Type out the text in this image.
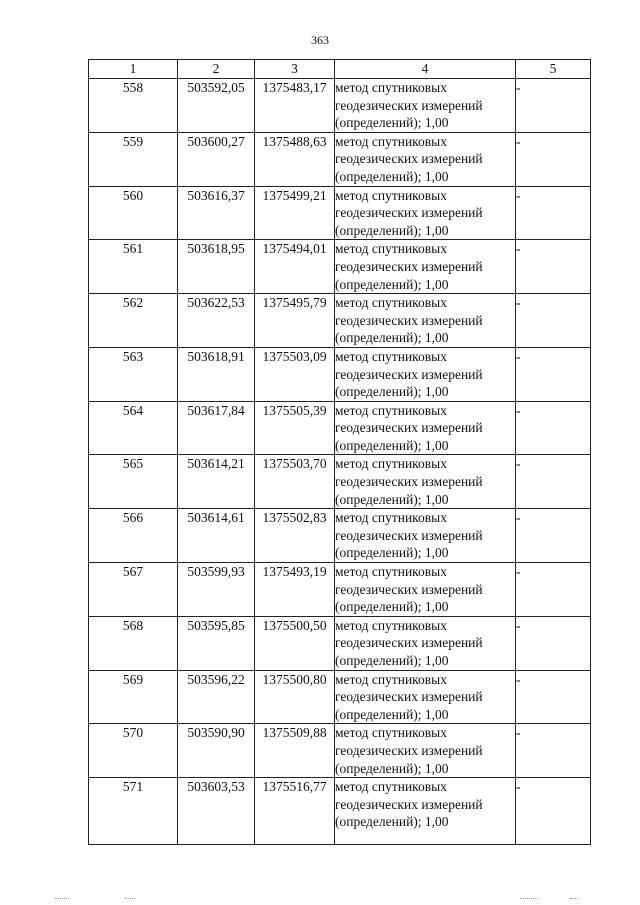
363
1	2	3	4	5
558	503592,05	1375483,17	метод спутниковых
геодезических измерений
(определений); 1,00	-
559	503600,27	1375488,63	метод спутниковых
геодезических измерений
(определений); 1,00	-
560	503616,37	1375499,21	метод спутниковых
геодезических измерений
(определений); 1,00	-
561	503618,95	1375494,01	метод спутниковых
геодезических измерений
(определений); 1,00	-
562	503622,53	1375495,79	метод спутниковых
геодезических измерений
(определений); 1,00	-
563	503618,91	1375503,09	метод спутниковых
геодезических измерений
(определений); 1,00	-
564	503617,84	1375505,39	метод спутниковых
геодезических измерений
(определений); 1,00	-
565	503614,21	1375503,70	метод спутниковых
геодезических измерений
(определений); 1,00	-
566	503614,61	1375502,83	метод спутниковых
геодезических измерений
(определений); 1,00	-
567	503599,93	1375493,19	метод спутниковых
геодезических измерений
(определений); 1,00	-
568	503595,85	1375500,50	метод спутниковых
геодезических измерений
(определений); 1,00	-
569	503596,22	1375500,80	метод спутниковых
геодезических измерений
(определений); 1,00	-
570	503590,90	1375509,88	метод спутниковых
геодезических измерений
(определений); 1,00	-
571	503603,53	1375516,77	метод спутниковых
геодезических измерений
(определений); 1,00	-
